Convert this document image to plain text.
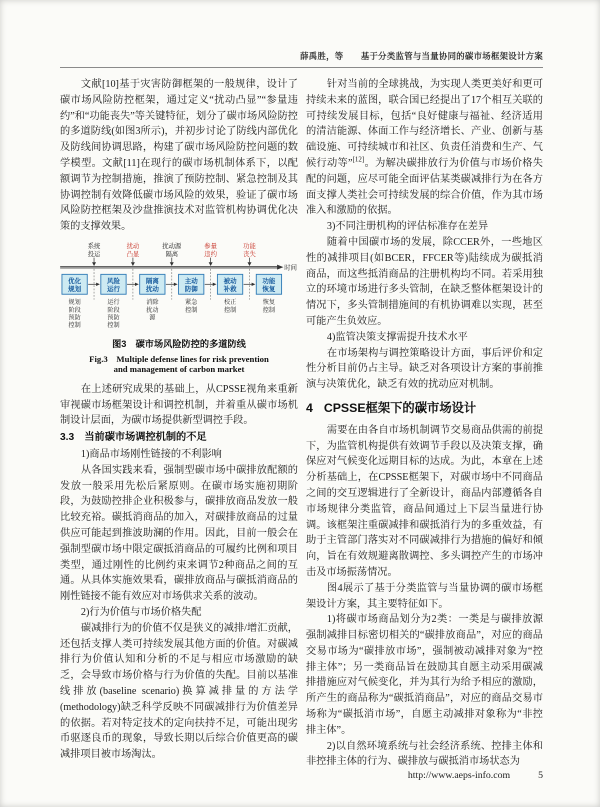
薛禹胜，等　　基于分类监管与当量协同的碳市场框架设计方案

文献[10]基于灾害防御框架的一般规律，设计了碳市场风险防控框架，通过定义“扰动凸显”“参量违约”和“功能丧失”等关键特征，划分了碳市场风险防控的多道防线(如图3所示)，并初步讨论了防线内部优化及防线间协调思路，构建了碳市场风险防控问题的数学模型。文献[11]在现行的碳市场机制体系下，以配额调节为控制措施，推演了预防控制、紧急控制及其协调控制有效降低碳市场风险的效果，验证了碳市场风险防控框架及沙盘推演技术对监管机构协调优化决策的支撑效果。

时间
系统
投运
扰动
凸显
扰动源
隔离
参量
违约
功能
丧失
优化
规划
风险
运行
隔离
扰动
主动
防御
被动
补救
功能
恢复
规划
阶段
预防
控制
运行
阶段
预防
控制
消除
扰动
源
紧急
控制
校正
控制
恢复
控制
图3　碳市场风险防控的多道防线
Fig.3　Multiple defense lines for risk prevention
and management of carbon market

在上述研究成果的基础上，从CPSSE视角来重新审视碳市场框架设计和调控机制，并着重从碳市场机制设计层面，为碳市场提供新型调控手段。

3.3　当前碳市场调控机制的不足

1)商品市场刚性链接的不利影响

从各国实践来看，强制型碳市场中碳排放配额的发放一般采用先松后紧原则。在碳市场实施初期阶段，为鼓励控排企业积极参与，碳排放商品发放一般比较充裕。碳抵消商品的加入，对碳排放商品的过量供应可能起到推波助澜的作用。因此，目前一般会在强制型碳市场中限定碳抵消商品的可履约比例和项目类型，通过刚性的比例约束来调节2种商品之间的互通。从具体实施效果看，碳排放商品与碳抵消商品的刚性链接不能有效应对市场供求关系的波动。

2)行为价值与市场价格失配

碳减排行为的价值不仅是狭义的减排/增汇贡献，还包括支撑人类可持续发展其他方面的价值。对碳减排行为价值认知和分析的不足与相应市场激励的缺乏，会导致市场价格与行为价值的失配。目前以基准线排放(baseline scenario)换算减排量的方法学(methodology)缺乏科学反映不同碳减排行为价值差异的依据。若对特定技术的定向扶持不足，可能出现劣币驱逐良币的现象，导致长期以后综合价值更高的碳减排项目被市场淘汰。

针对当前的全球挑战，为实现人类更美好和更可持续未来的蓝图，联合国已经提出了17个相互关联的可持续发展目标，包括“良好健康与福祉、经济适用的清洁能源、体面工作与经济增长、产业、创新与基础设施、可持续城市和社区、负责任消费和生产、气候行动等”[12]。为解决碳排放行为价值与市场价格失配的问题，应尽可能全面评估某类碳减排行为在各方面支撑人类社会可持续发展的综合价值，作为其市场准入和激励的依据。

3)不同注册机构的评估标准存在差异

随着中国碳市场的发展，除CCER外，一些地区性的减排项目(如BCER，FFCER等)陆续成为碳抵消商品，而这些抵消商品的注册机构均不同。若采用独立的环境市场进行多头管制，在缺乏整体框架设计的情况下，多头管制措施间的有机协调难以实现，甚至可能产生负效应。

4)监管决策支撑需提升技术水平

在市场架构与调控策略设计方面，事后评价和定性分析目前仍占主导。缺乏对各项设计方案的事前推演与决策优化，缺乏有效的扰动应对机制。

4 CPSSE框架下的碳市场设计

需要在由各自市场机制调节交易商品供需的前提下，为监管机构提供有效调节手段以及决策支撑，确保应对气候变化远期目标的达成。为此，本章在上述分析基础上，在CPSSE框架下，对碳市场中不同商品之间的交互逻辑进行了全新设计，商品内部遵循各自市场规律分类监管，商品间通过上下层当量进行协调。该框架注重碳减排和碳抵消行为的多重效益，有助于主管部门落实对不同碳减排行为措施的偏好和倾向，旨在有效规避离散调控、多头调控产生的市场冲击及市场振荡情况。

图4展示了基于分类监管与当量协调的碳市场框架设计方案，其主要特征如下。

1)将碳市场商品划分为2类：一类是与碳排放源强制减排目标密切相关的“碳排放商品”，对应的商品交易市场为“碳排放市场”，强制被动减排对象为“控排主体”；另一类商品旨在鼓励其自愿主动采用碳减排措施应对气候变化，并为其行为给予相应的激励，所产生的商品称为“碳抵消商品”，对应的商品交易市场称为“碳抵消市场”，自愿主动减排对象称为“非控排主体”。

2)以自然环境系统与社会经济系统、控排主体和非控排主体的行为、碳排放与碳抵消市场状态为

http://www.aeps-info.com	5
